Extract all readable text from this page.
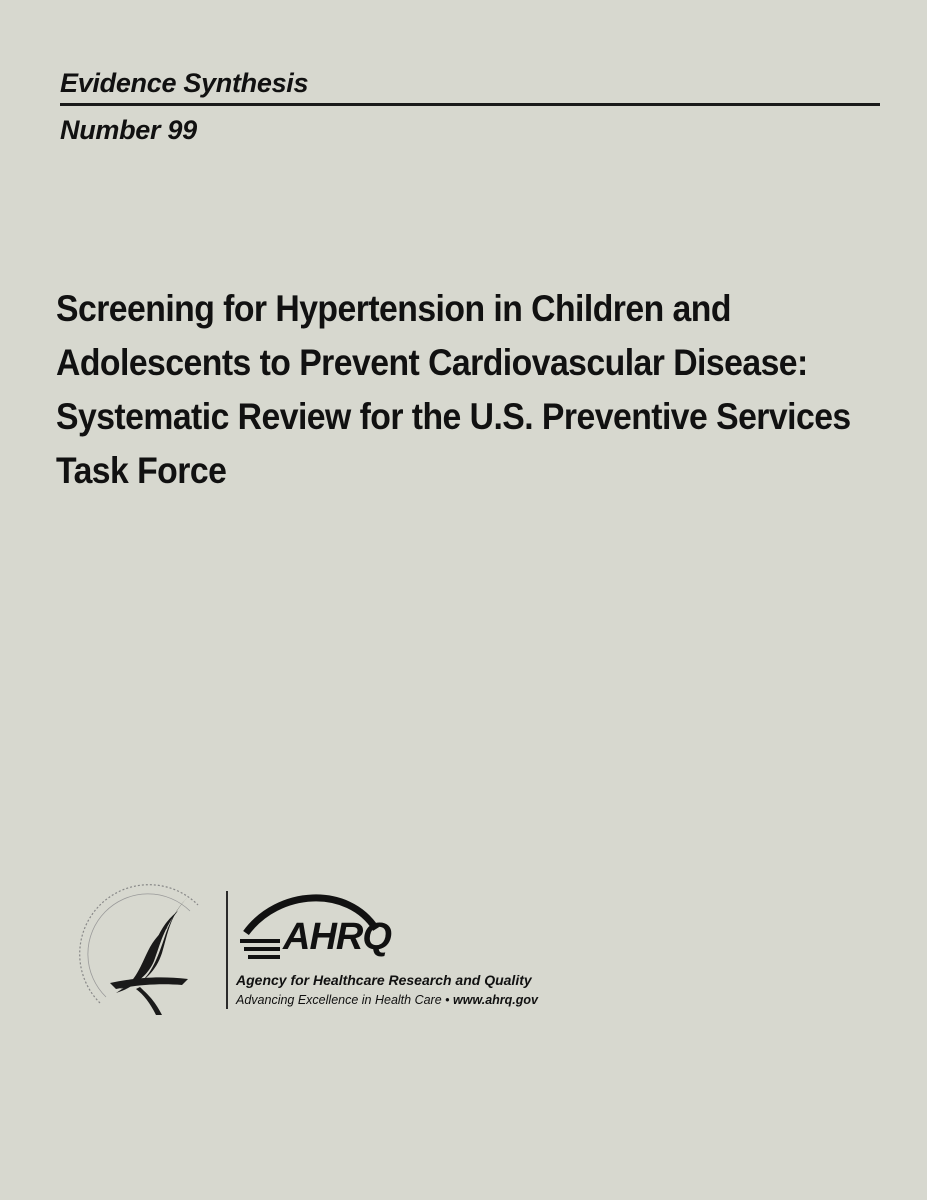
Evidence Synthesis
Number 99
Screening for Hypertension in Children and
Adolescents to Prevent Cardiovascular Disease:
Systematic Review for the U.S. Preventive Services
Task Force
AHRQ
Agency for Healthcare Research and Quality
Advancing Excellence in Health Care • www.ahrq.gov
